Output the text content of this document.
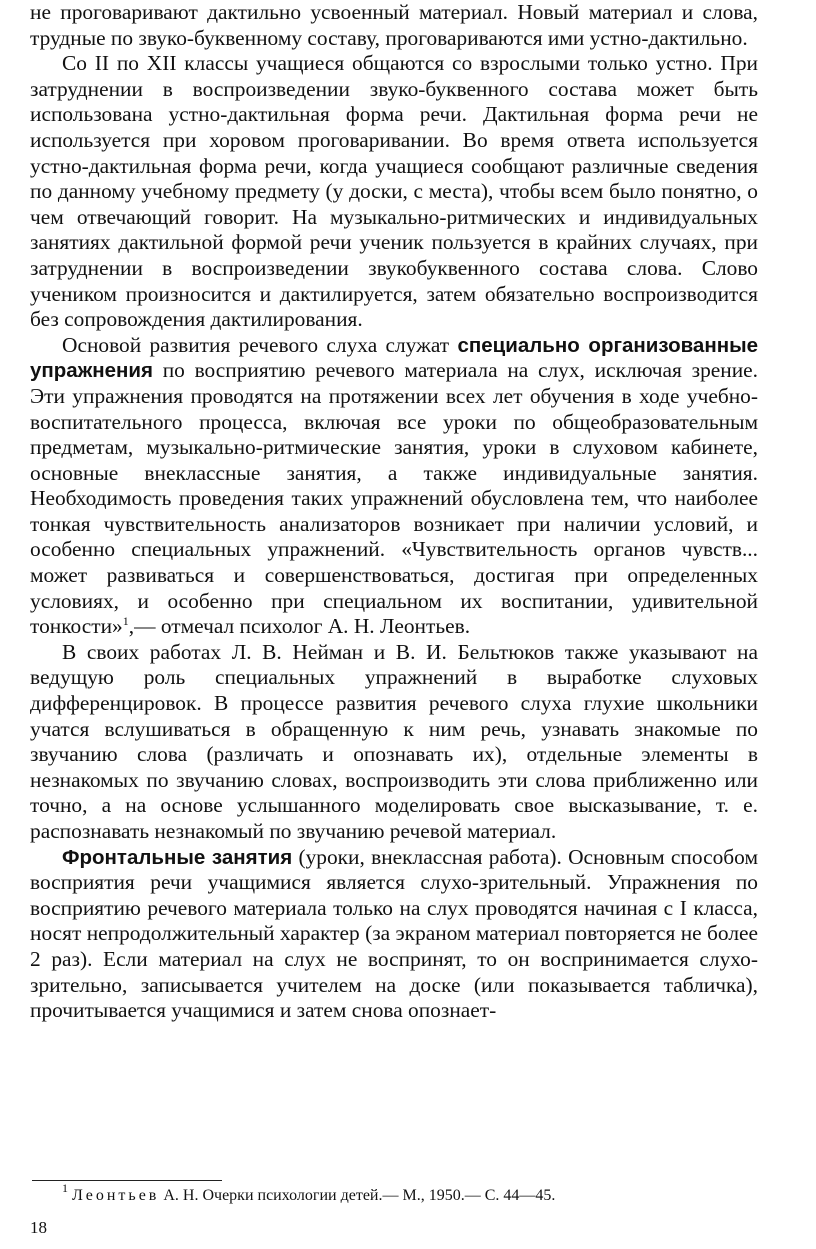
не проговаривают дактильно усвоенный материал. Новый материал и слова, трудные по звуко-буквенному составу, проговариваются ими устно-дактильно.

Со II по XII классы учащиеся общаются со взрослыми только устно. При затруднении в воспроизведении звуко-буквенного состава может быть использована устно-дактильная форма речи. Дактильная форма речи не используется при хоровом проговаривании. Во время ответа используется устно-дактильная форма речи, когда учащиеся сообщают различные сведения по данному учебному предмету (у доски, с места), чтобы всем было понятно, о чем отвечающий говорит. На музыкально-ритмических и индивидуальных занятиях дактильной формой речи ученик пользуется в крайних случаях, при затруднении в воспроизведении звукобуквенного состава слова. Слово учеником произносится и дактилируется, затем обязательно воспроизводится без сопровождения дактилирования.

Основой развития речевого слуха служат специально организованные упражнения по восприятию речевого материала на слух, исключая зрение. Эти упражнения проводятся на протяжении всех лет обучения в ходе учебно-воспитательного процесса, включая все уроки по общеобразовательным предметам, музыкально-ритмические занятия, уроки в слуховом кабинете, основные внеклассные занятия, а также индивидуальные занятия. Необходимость проведения таких упражнений обусловлена тем, что наиболее тонкая чувствительность анализаторов возникает при наличии условий, и особенно специальных упражнений. «Чувствительность органов чувств... может развиваться и совершенствоваться, достигая при определенных условиях, и особенно при специальном их воспитании, удивительной тонкости»$^1$,— отмечал психолог А. Н. Леонтьев.

В своих работах Л. В. Нейман и В. И. Бельтюков также указывают на ведущую роль специальных упражнений в выработке слуховых дифференцировок. В процессе развития речевого слуха глухие школьники учатся вслушиваться в обращенную к ним речь, узнавать знакомые по звучанию слова (различать и опознавать их), отдельные элементы в незнакомых по звучанию словах, воспроизводить эти слова приближенно или точно, а на основе услышанного моделировать свое высказывание, т. е. распознавать незнакомый по звучанию речевой материал.

Фронтальные занятия (уроки, внеклассная работа). Основным способом восприятия речи учащимися является слухо-зрительный. Упражнения по восприятию речевого материала только на слух проводятся начиная с I класса, носят непродолжительный характер (за экраном материал повторяется не более 2 раз). Если материал на слух не воспринят, то он воспринимается слухо-зрительно, записывается учителем на доске (или показывается табличка), прочитывается учащимися и затем снова опознает-

$^1$ Леонтьев А. Н. Очерки психологии детей.— М., 1950.— С. 44—45.
18
